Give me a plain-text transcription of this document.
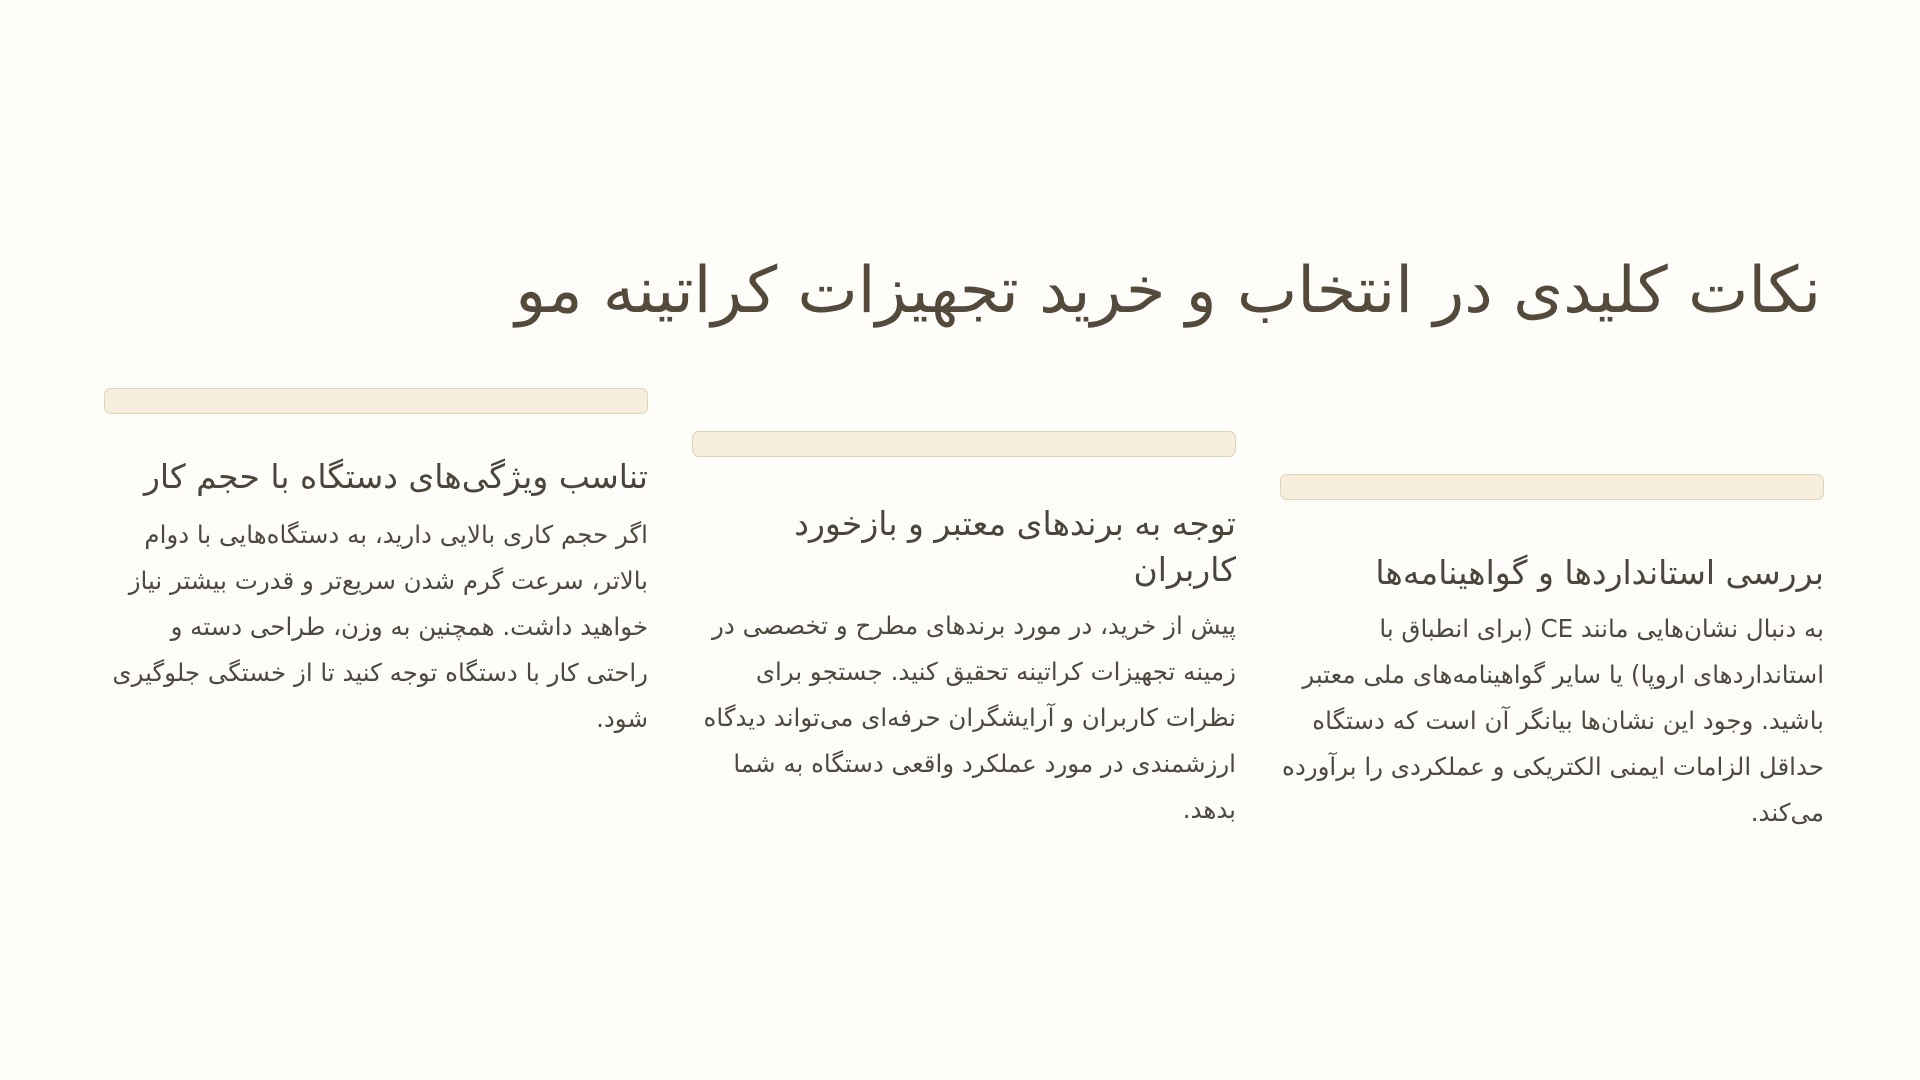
نکات کلیدی در انتخاب و خرید تجهیزات کراتینه مو
تناسب ویژگی‌های دستگاه با حجم کار

اگر حجم کاری بالایی دارید، به دستگاه‌هایی با دوام بالاتر، سرعت گرم شدن سریع‌تر و قدرت بیشتر نیاز خواهید داشت. همچنین به وزن، طراحی دسته و راحتی کار با دستگاه توجه کنید تا از خستگی جلوگیری شود.

توجه به برندهای معتبر و بازخورد کاربران

پیش از خرید، در مورد برندهای مطرح و تخصصی در زمینه تجهیزات کراتینه تحقیق کنید. جستجو برای نظرات کاربران و آرایشگران حرفه‌ای می‌تواند دیدگاه ارزشمندی در مورد عملکرد واقعی دستگاه به شما بدهد.

بررسی استانداردها و گواهینامه‌ها

به دنبال نشان‌هایی مانند CE (برای انطباق با استانداردهای اروپا) یا سایر گواهینامه‌های ملی معتبر باشید. وجود این نشان‌ها بیانگر آن است که دستگاه حداقل الزامات ایمنی الکتریکی و عملکردی را برآورده می‌کند.
